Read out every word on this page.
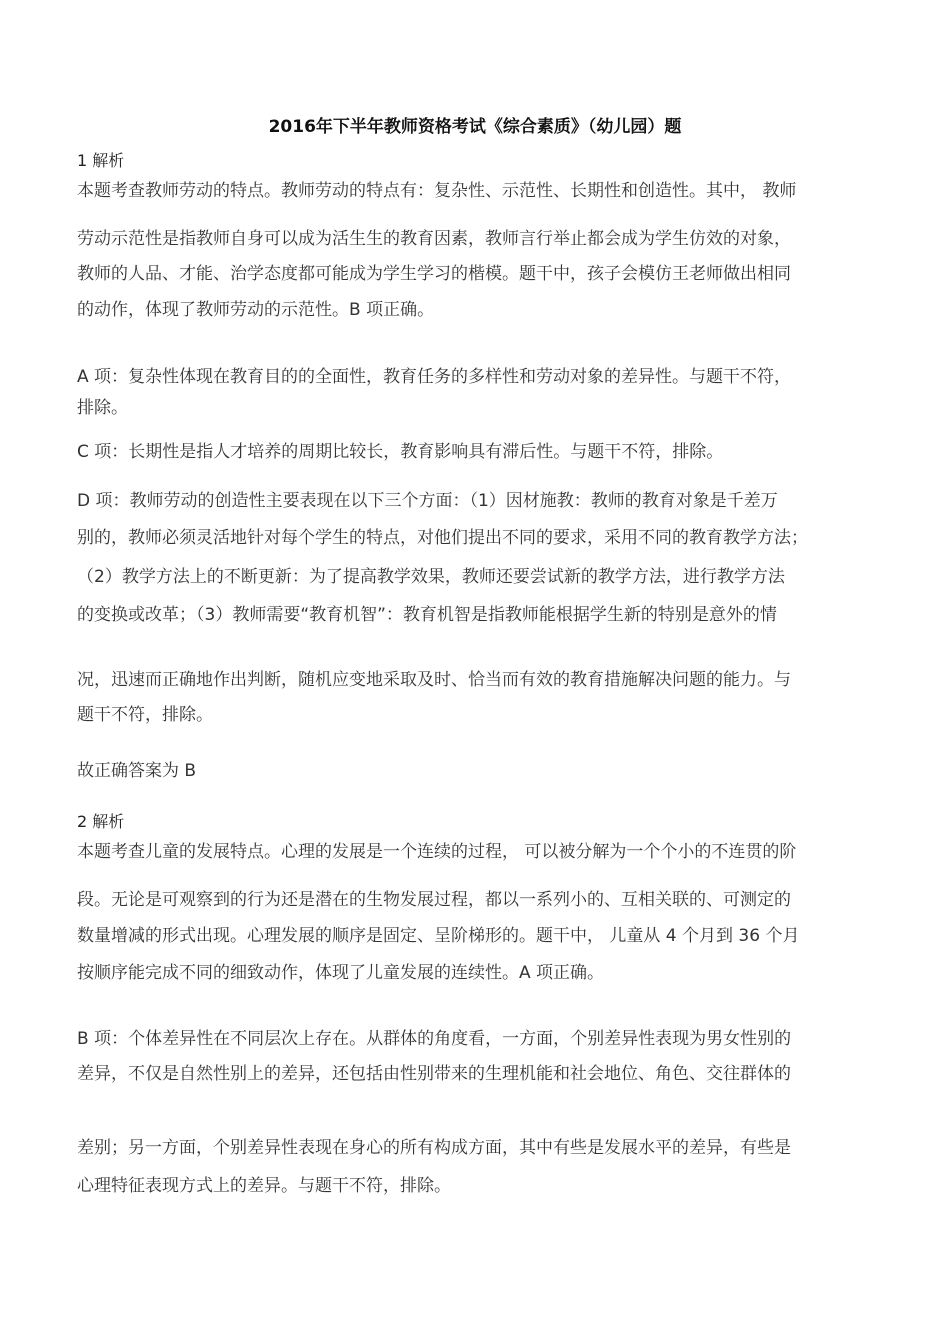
2016年下半年教师资格考试《综合素质》（幼儿园）题
1 解析
本题考查教师劳动的特点。教师劳动的特点有：复杂性、示范性、长期性和创造性。其中， 教师
劳动示范性是指教师自身可以成为活生生的教育因素，教师言行举止都会成为学生仿效的对象，
教师的人品、才能、治学态度都可能成为学生学习的楷模。题干中，孩子会模仿王老师做出相同
的动作，体现了教师劳动的示范性。B 项正确。
A 项：复杂性体现在教育目的的全面性，教育任务的多样性和劳动对象的差异性。与题干不符，
排除。
C 项：长期性是指人才培养的周期比较长，教育影响具有滞后性。与题干不符，排除。
D 项：教师劳动的创造性主要表现在以下三个方面：（1）因材施教：教师的教育对象是千差万
别的，教师必须灵活地针对每个学生的特点，对他们提出不同的要求，采用不同的教育教学方法；
（2）教学方法上的不断更新：为了提高教学效果，教师还要尝试新的教学方法，进行教学方法
的变换或改革；（3）教师需要“教育机智”：教育机智是指教师能根据学生新的特别是意外的情
况，迅速而正确地作出判断，随机应变地采取及时、恰当而有效的教育措施解决问题的能力。与
题干不符，排除。
故正确答案为 B
2 解析
本题考查儿童的发展特点。心理的发展是一个连续的过程， 可以被分解为一个个小的不连贯的阶
段。无论是可观察到的行为还是潜在的生物发展过程，都以一系列小的、互相关联的、可测定的
数量增减的形式出现。心理发展的顺序是固定、呈阶梯形的。题干中， 儿童从 4 个月到 36 个月
按顺序能完成不同的细致动作，体现了儿童发展的连续性。A 项正确。
B 项：个体差异性在不同层次上存在。从群体的角度看，一方面，个别差异性表现为男女性别的
差异，不仅是自然性别上的差异，还包括由性别带来的生理机能和社会地位、角色、交往群体的
差别；另一方面，个别差异性表现在身心的所有构成方面，其中有些是发展水平的差异，有些是
心理特征表现方式上的差异。与题干不符，排除。
